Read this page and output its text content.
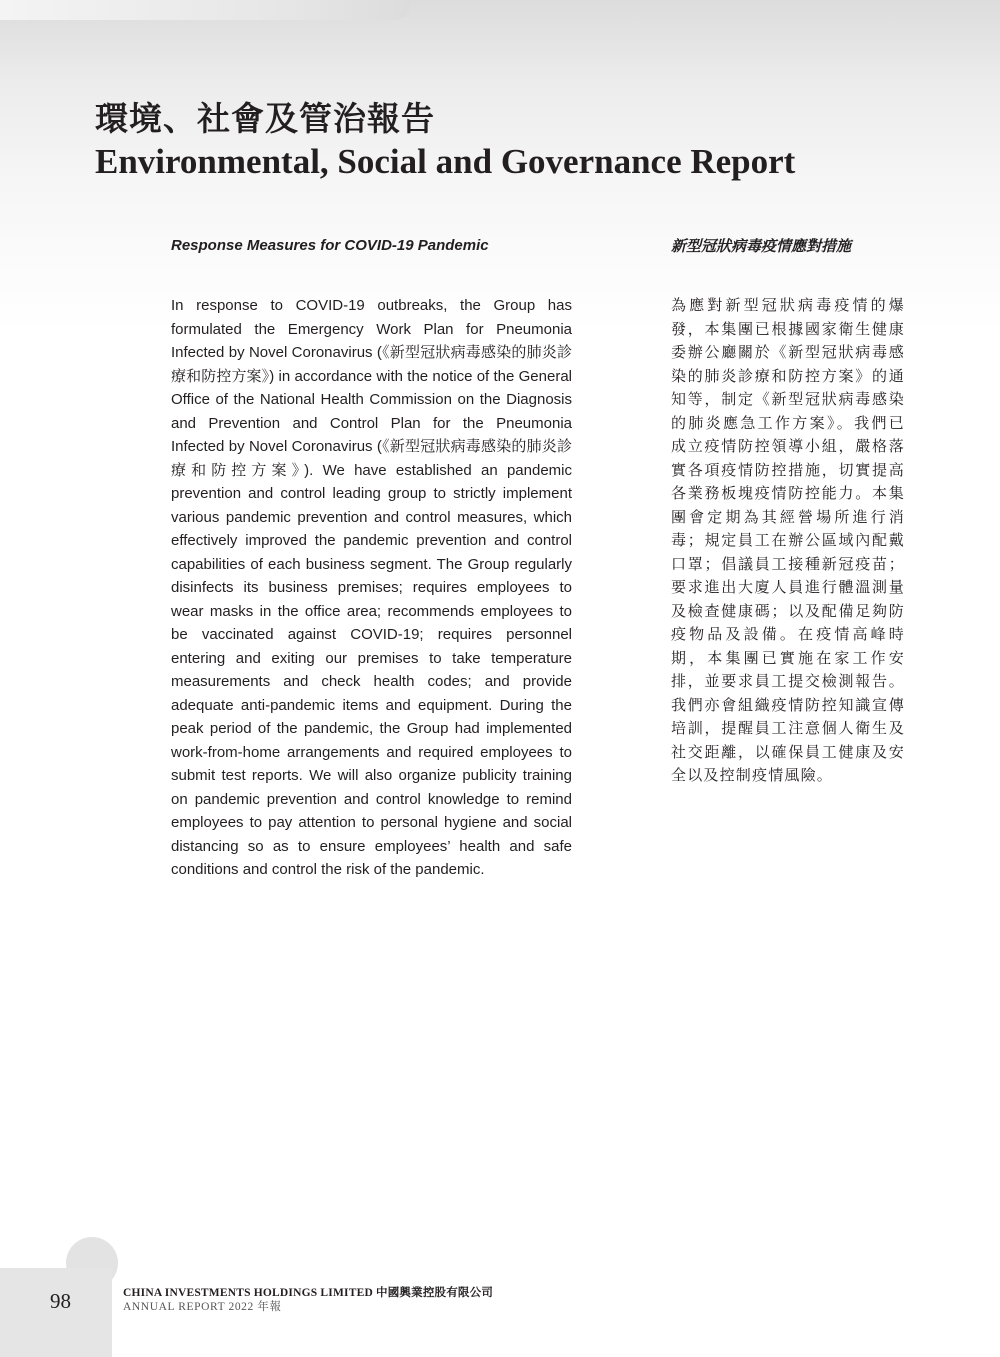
環境、社會及管治報告
Environmental, Social and Governance Report
Response Measures for COVID-19 Pandemic

In response to COVID-19 outbreaks, the Group has formulated the Emergency Work Plan for Pneumonia Infected by Novel Coronavirus (《新型冠狀病毒感染的肺炎診療和防控方案》) in accordance with the notice of the General Office of the National Health Commission on the Diagnosis and Prevention and Control Plan for the Pneumonia Infected by Novel Coronavirus (《新型冠狀病毒感染的肺炎診療和防控方案》). We have established an pandemic prevention and control leading group to strictly implement various pandemic prevention and control measures, which effectively improved the pandemic prevention and control capabilities of each business segment. The Group regularly disinfects its business premises; requires employees to wear masks in the office area; recommends employees to be vaccinated against COVID-19; requires personnel entering and exiting our premises to take temperature measurements and check health codes; and provide adequate anti-pandemic items and equipment. During the peak period of the pandemic, the Group had implemented work-from-home arrangements and required employees to submit test reports. We will also organize publicity training on pandemic prevention and control knowledge to remind employees to pay attention to personal hygiene and social distancing so as to ensure employees’ health and safe conditions and control the risk of the pandemic.

新型冠狀病毒疫情應對措施

為應對新型冠狀病毒疫情的爆發，本集團已根據國家衛生健康委辦公廳關於《新型冠狀病毒感染的肺炎診療和防控方案》的通知等，制定《新型冠狀病毒感染的肺炎應急工作方案》。我們已成立疫情防控領導小組，嚴格落實各項疫情防控措施，切實提高各業務板塊疫情防控能力。本集團會定期為其經營場所進行消毒；規定員工在辦公區域內配戴口罩；倡議員工接種新冠疫苗；要求進出大廈人員進行體溫測量及檢查健康碼；以及配備足夠防疫物品及設備。在疫情高峰時期，本集團已實施在家工作安排，並要求員工提交檢測報告。我們亦會組織疫情防控知識宣傳培訓，提醒員工注意個人衛生及社交距離，以確保員工健康及安全以及控制疫情風險。

98	CHINA INVESTMENTS HOLDINGS LIMITED 中國興業控股有限公司

ANNUAL REPORT 2022 年報
